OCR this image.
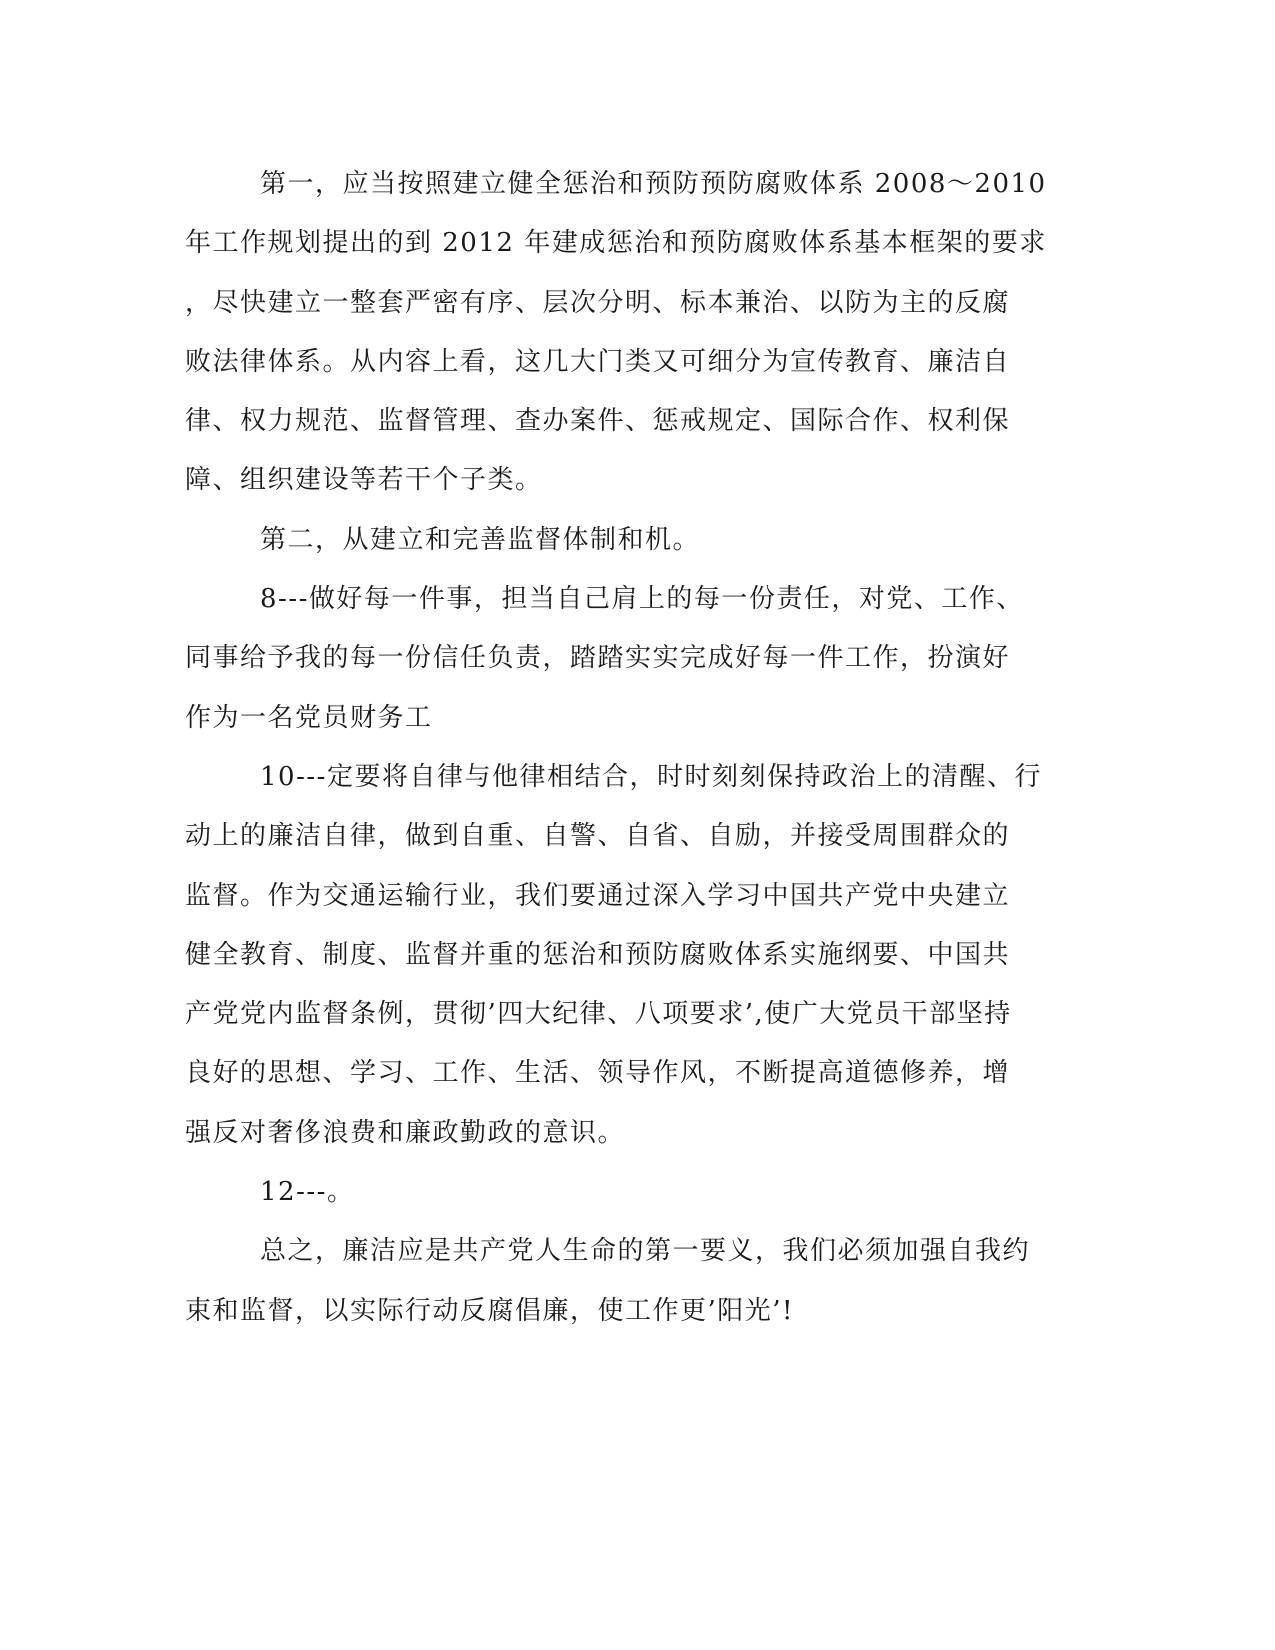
第一，应当按照建立健全惩治和预防预防腐败体系 2008～2010
年工作规划提出的到 2012 年建成惩治和预防腐败体系基本框架的要求
，尽快建立一整套严密有序、层次分明、标本兼治、以防为主的反腐
败法律体系。从内容上看，这几大门类又可细分为宣传教育、廉洁自
律、权力规范、监督管理、查办案件、惩戒规定、国际合作、权利保
障、组织建设等若干个子类。
第二，从建立和完善监督体制和机。
8---做好每一件事，担当自己肩上的每一份责任，对党、工作、
同事给予我的每一份信任负责，踏踏实实完成好每一件工作，扮演好
作为一名党员财务工
10---定要将自律与他律相结合，时时刻刻保持政治上的清醒、行
动上的廉洁自律，做到自重、自警、自省、自励，并接受周围群众的
监督。作为交通运输行业，我们要通过深入学习中国共产党中央建立
健全教育、制度、监督并重的惩治和预防腐败体系实施纲要、中国共
产党党内监督条例，贯彻’四大纪律、八项要求’,使广大党员干部坚持
良好的思想、学习、工作、生活、领导作风，不断提高道德修养，增
强反对奢侈浪费和廉政勤政的意识。
12---。
总之，廉洁应是共产党人生命的第一要义，我们必须加强自我约
束和监督，以实际行动反腐倡廉，使工作更’阳光’!
